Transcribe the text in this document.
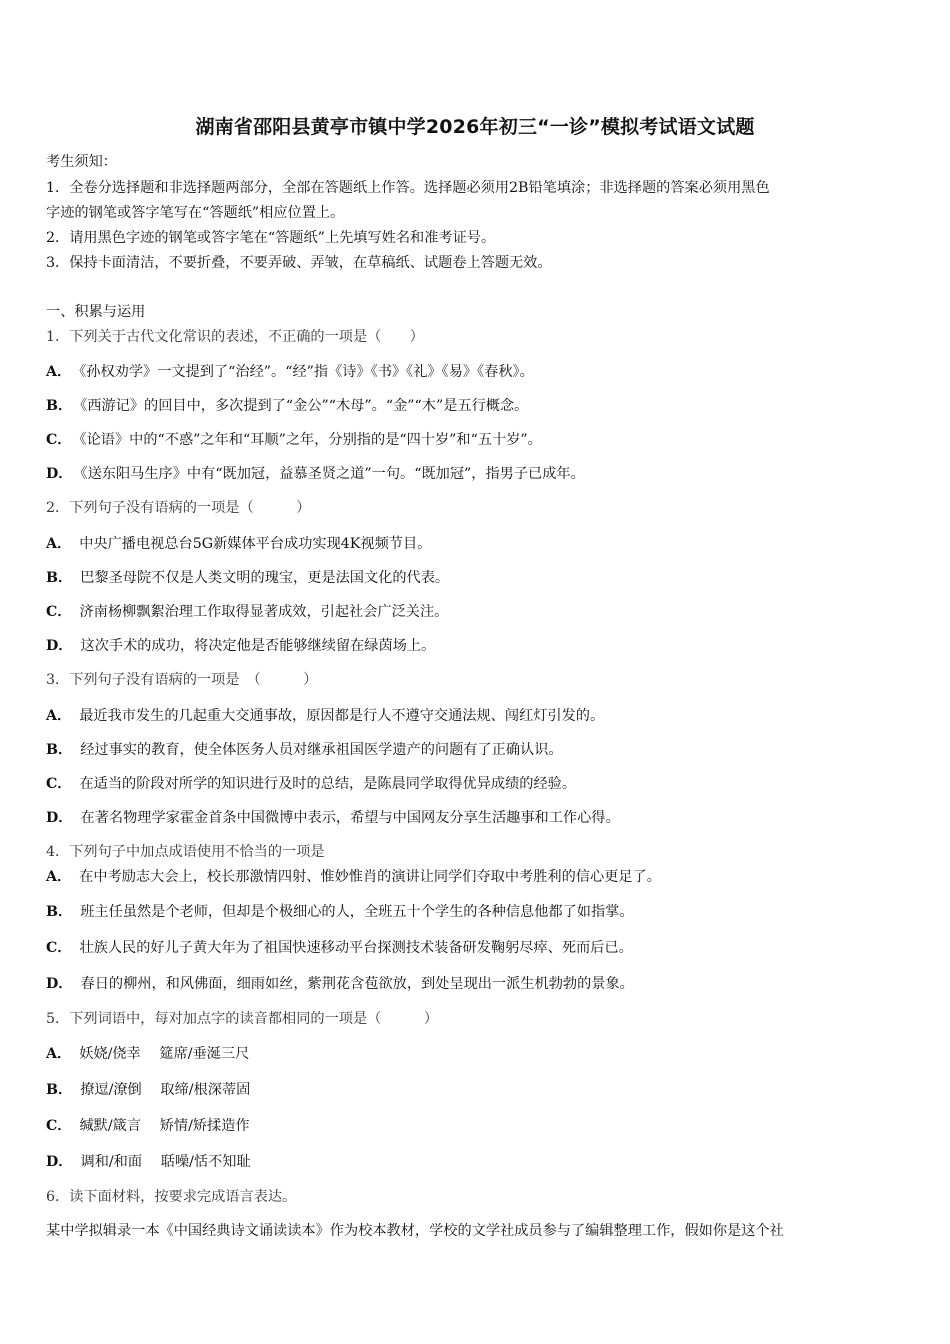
湖南省邵阳县黄亭市镇中学2026年初三“一诊”模拟考试语文试题
考生须知：
1．全卷分选择题和非选择题两部分，全部在答题纸上作答。选择题必须用2B铅笔填涂；非选择题的答案必须用黑色
字迹的钢笔或答字笔写在“答题纸”相应位置上。
2．请用黑色字迹的钢笔或答字笔在“答题纸”上先填写姓名和准考证号。
3．保持卡面清洁，不要折叠，不要弄破、弄皱，在草稿纸、试题卷上答题无效。
一、积累与运用
1．下列关于古代文化常识的表述，不正确的一项是（　　）
A． 《孙权劝学》一文提到了“治经”。“经”指《诗》《书》《礼》《易》《春秋》。
B． 《西游记》的回目中，多次提到了“金公”“木母”。“金”“木”是五行概念。
C． 《论语》中的“不惑”之年和“耳顺”之年，分别指的是“四十岁”和“五十岁”。
D． 《送东阳马生序》中有“既加冠，益慕圣贤之道”一句。“既加冠”，指男子已成年。
2．下列句子没有语病的一项是（　　　）
A． 中央广播电视总台5G新媒体平台成功实现4K视频节目。
B． 巴黎圣母院不仅是人类文明的瑰宝，更是法国文化的代表。
C． 济南杨柳飘絮治理工作取得显著成效，引起社会广泛关注。
D． 这次手术的成功，将决定他是否能够继续留在绿茵场上。
3．下列句子没有语病的一项是　（　　　）
A． 最近我市发生的几起重大交通事故，原因都是行人不遵守交通法规、闯红灯引发的。
B． 经过事实的教育，使全体医务人员对继承祖国医学遗产的问题有了正确认识。
C． 在适当的阶段对所学的知识进行及时的总结，是陈晨同学取得优异成绩的经验。
D． 在著名物理学家霍金首条中国微博中表示，希望与中国网友分享生活趣事和工作心得。
4．下列句子中加点成语使用不恰当的一项是
A． 在中考励志大会上，校长那激情四射、惟妙惟肖的演讲让同学们夺取中考胜利的信心更足了。
B． 班主任虽然是个老师，但却是个极细心的人，全班五十个学生的各种信息他都了如指掌。
C． 壮族人民的好儿子黄大年为了祖国快速移动平台探测技术装备研发鞠躬尽瘁、死而后已。
D． 春日的柳州，和风佛面，细雨如丝，紫荆花含苞欲放，到处呈现出一派生机勃勃的景象。
5．下列词语中，每对加点字的读音都相同的一项是（　　　）
A． 妖娆/侥幸　 筵席/垂涎三尺
B． 撩逗/潦倒　 取缔/根深蒂固
C． 缄默/箴言　 矫情/矫揉造作
D． 调和/和面　 聒噪/恬不知耻
6．读下面材料，按要求完成语言表达。
某中学拟辑录一本《中国经典诗文诵读读本》作为校本教材，学校的文学社成员参与了编辑整理工作，假如你是这个社
